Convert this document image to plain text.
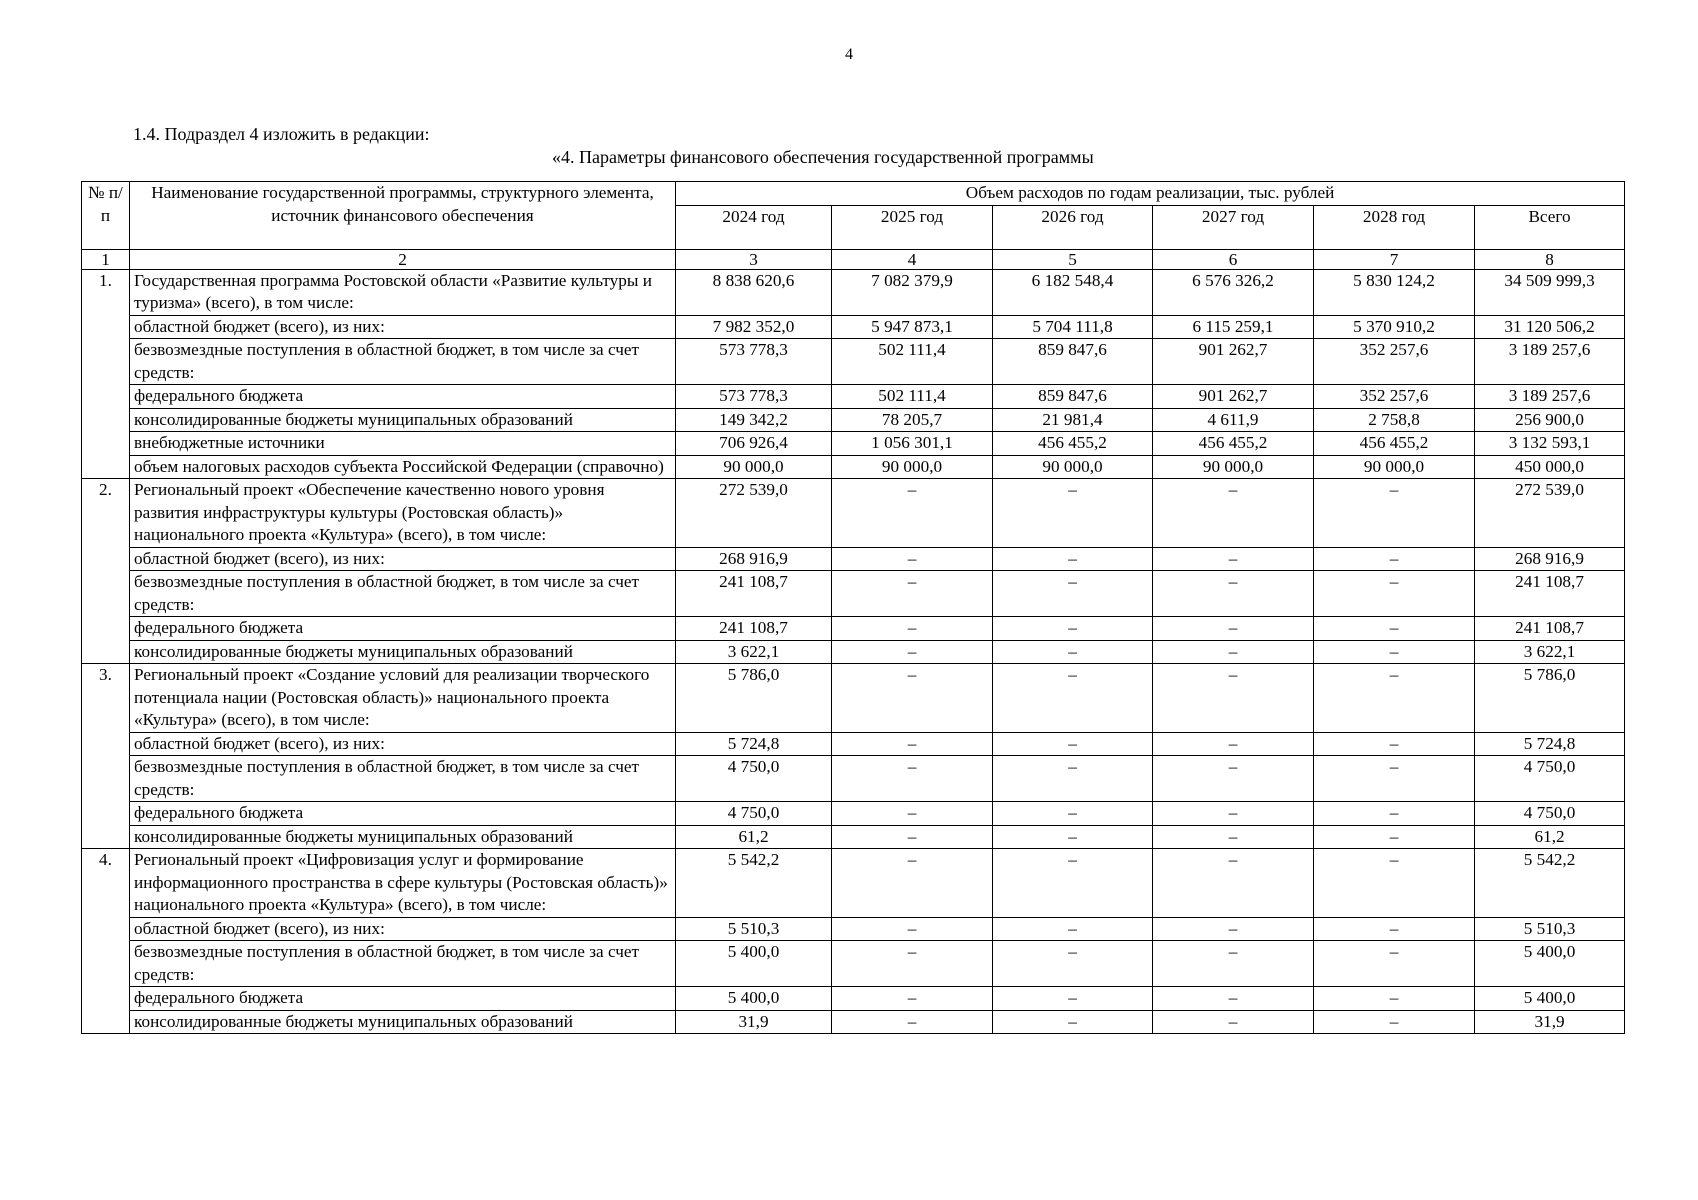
4
1.4. Подраздел 4 изложить в редакции:
«4. Параметры финансового обеспечения государственной программы
№ п/п	Наименование государственной программы, структурного элемента, источник финансового обеспечения	Объем расходов по годам реализации, тыс. рублей					
		2024 год	2025 год	2026 год	2027 год	2028 год	Всего
1	2	3	4	5	6	7	8
1.	Государственная программа Ростовской области «Развитие культуры и туризма» (всего), в том числе:	8 838 620,6	7 082 379,9	6 182 548,4	6 576 326,2	5 830 124,2	34 509 999,3
	областной бюджет (всего), из них:	7 982 352,0	5 947 873,1	5 704 111,8	6 115 259,1	5 370 910,2	31 120 506,2
	безвозмездные поступления в областной бюджет, в том числе за счет средств:	573 778,3	502 111,4	859 847,6	901 262,7	352 257,6	3 189 257,6
	федерального бюджета	573 778,3	502 111,4	859 847,6	901 262,7	352 257,6	3 189 257,6
	консолидированные бюджеты муниципальных образований	149 342,2	78 205,7	21 981,4	4 611,9	2 758,8	256 900,0
	внебюджетные источники	706 926,4	1 056 301,1	456 455,2	456 455,2	456 455,2	3 132 593,1
	объем налоговых расходов субъекта Российской Федерации (справочно)	90 000,0	90 000,0	90 000,0	90 000,0	90 000,0	450 000,0
2.	Региональный проект «Обеспечение качественно нового уровня развития инфраструктуры культуры (Ростовская область)» национального проекта «Культура» (всего), в том числе:	272 539,0	–	–	–	–	272 539,0
	областной бюджет (всего), из них:	268 916,9	–	–	–	–	268 916,9
	безвозмездные поступления в областной бюджет, в том числе за счет средств:	241 108,7	–	–	–	–	241 108,7
	федерального бюджета	241 108,7	–	–	–	–	241 108,7
	консолидированные бюджеты муниципальных образований	3 622,1	–	–	–	–	3 622,1
3.	Региональный проект «Создание условий для реализации творческого потенциала нации (Ростовская область)» национального проекта «Культура» (всего), в том числе:	5 786,0	–	–	–	–	5 786,0
	областной бюджет (всего), из них:	5 724,8	–	–	–	–	5 724,8
	безвозмездные поступления в областной бюджет, в том числе за счет средств:	4 750,0	–	–	–	–	4 750,0
	федерального бюджета	4 750,0	–	–	–	–	4 750,0
	консолидированные бюджеты муниципальных образований	61,2	–	–	–	–	61,2
4.	Региональный проект «Цифровизация услуг и формирование информационного пространства в сфере культуры (Ростовская область)» национального проекта «Культура» (всего), в том числе:	5 542,2	–	–	–	–	5 542,2
	областной бюджет (всего), из них:	5 510,3	–	–	–	–	5 510,3
	безвозмездные поступления в областной бюджет, в том числе за счет средств:	5 400,0	–	–	–	–	5 400,0
	федерального бюджета	5 400,0	–	–	–	–	5 400,0
	консолидированные бюджеты муниципальных образований	31,9	–	–	–	–	31,9
